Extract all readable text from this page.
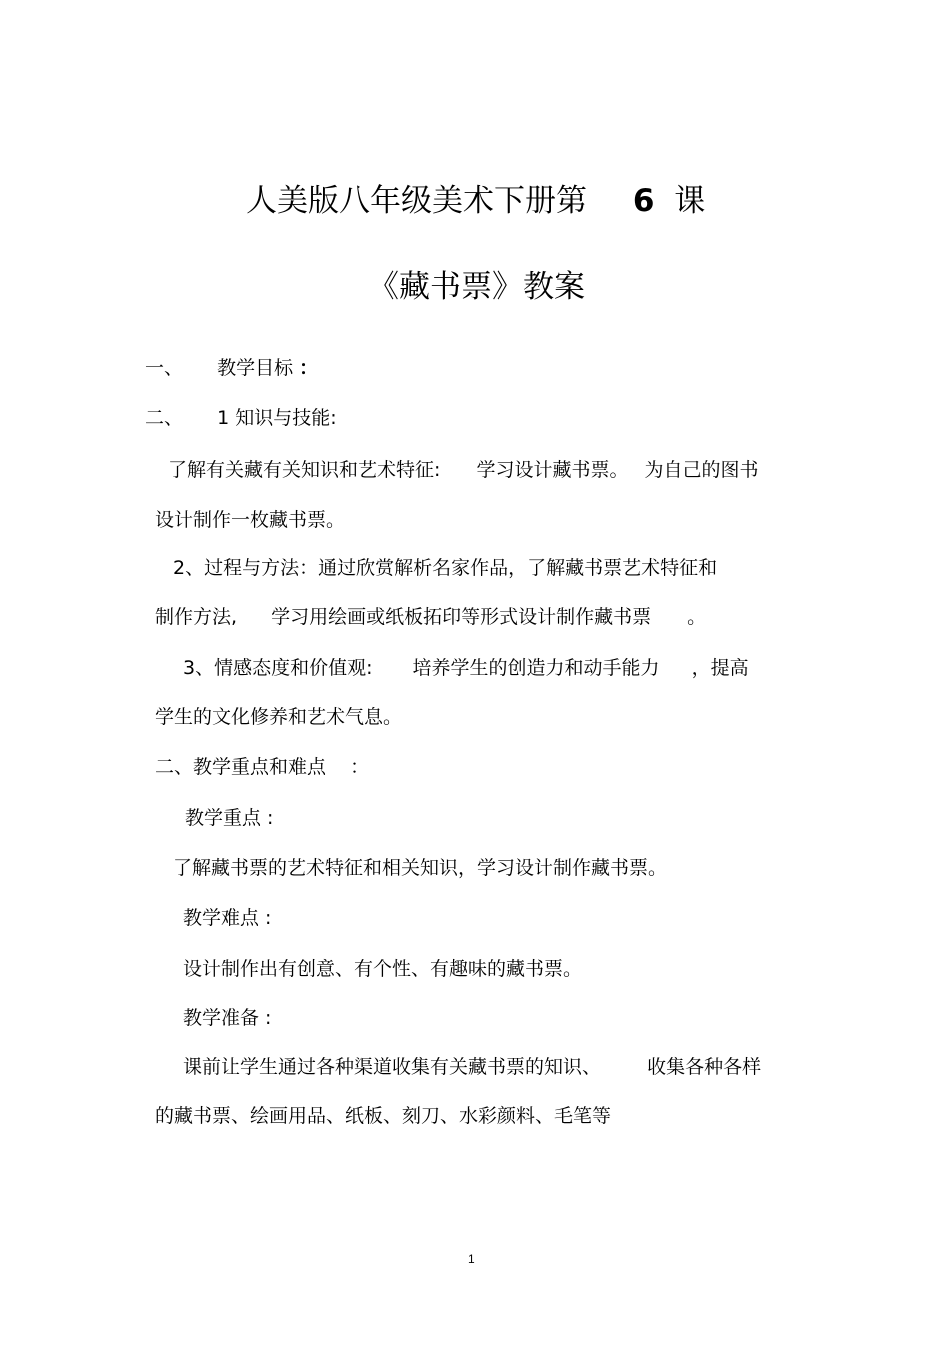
人美版八年级美术下册第 6 课
《藏书票》教案
一、 教学目标 ：
二、 1 知识与技能:
了解有关藏有关知识和艺术特征: 学习设计藏书票。 为自己的图书
设计制作一枚藏书票。
2、过程与方法：通过欣赏解析名家作品，了解藏书票艺术特征和
制作方法, 学习用绘画或纸板拓印等形式设计制作藏书票 。
3、情感态度和价值观: 培养学生的创造力和动手能力 ，提高
学生的文化修养和艺术气息。
二、教学重点和难点 ：
教学重点 :
了解藏书票的艺术特征和相关知识，学习设计制作藏书票。
教学难点 :
设计制作出有创意、有个性、有趣味的藏书票。
教学准备 :
课前让学生通过各种渠道收集有关藏书票的知识、 收集各种各样
的藏书票、绘画用品、纸板、刻刀、水彩颜料、毛笔等
1
